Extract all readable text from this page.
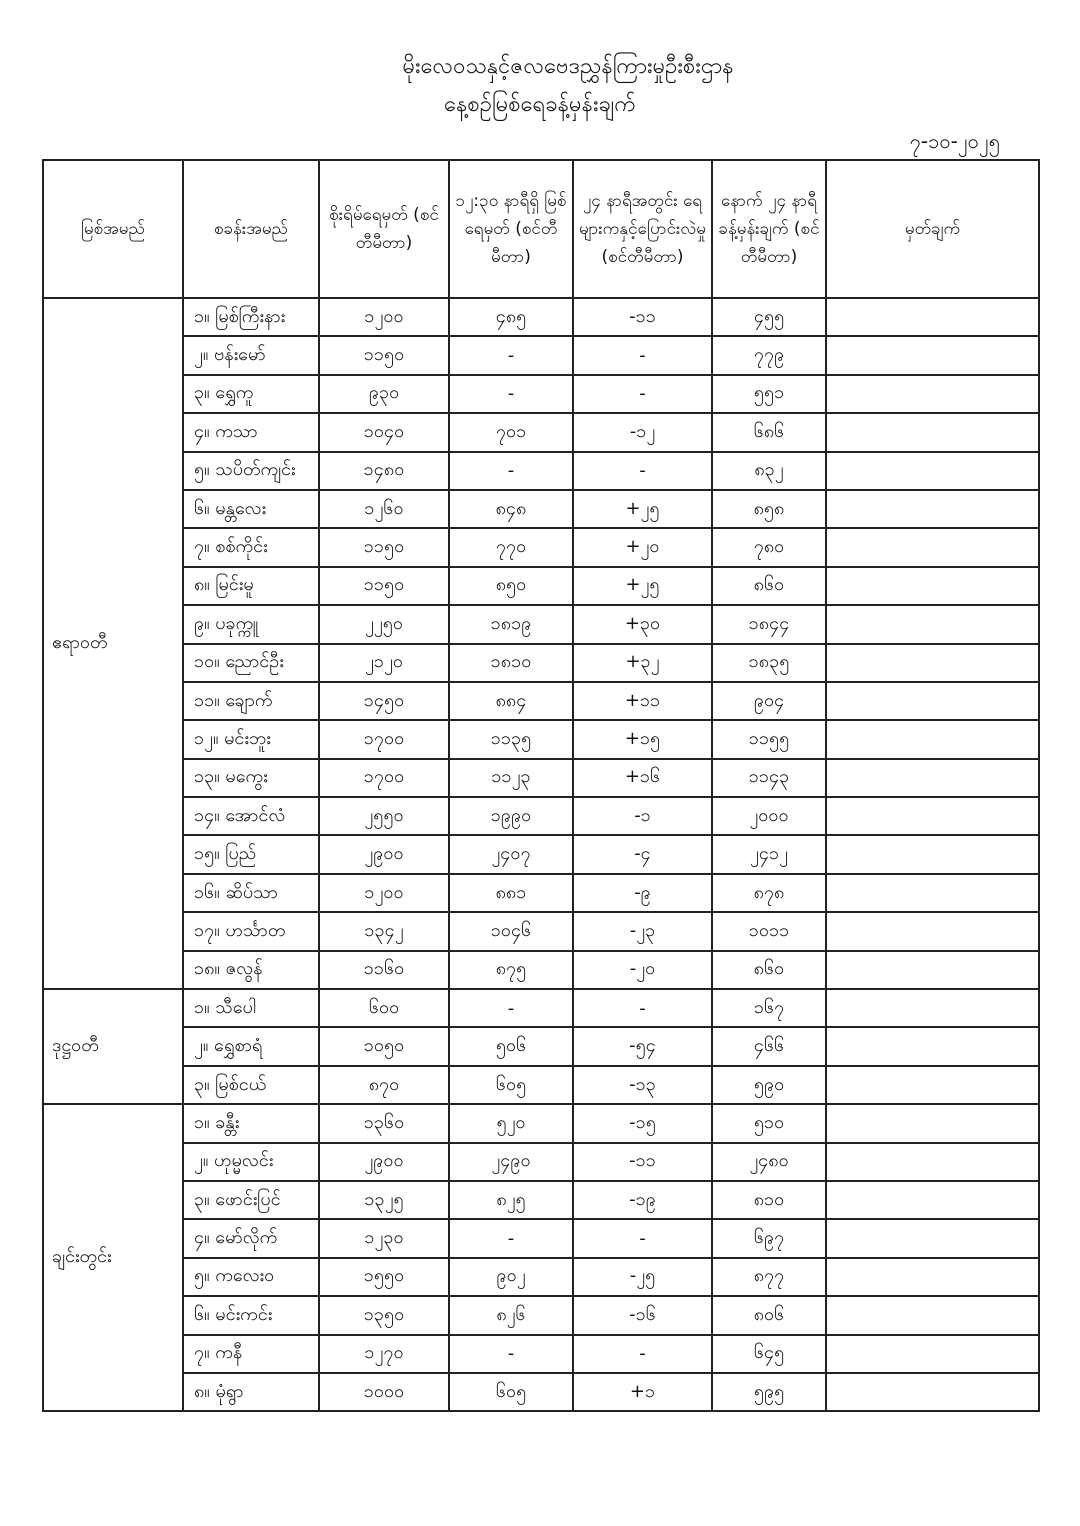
မိုးလေဝသနှင့်ဇလဗေဒညွှန်ကြားမှုဦးစီးဌာန
နေ့စဉ်မြစ်ရေခန့်မှန်းချက်
၇-၁၀-၂၀၂၅
မြစ်အမည်	စခန်းအမည်	စိုးရိမ်ရေမှတ် (စင်တီမီတာ)	၁၂:၃၀ နာရီရှိ မြစ်ရေမှတ် (စင်တီမီတာ)	၂၄ နာရီအတွင်း ရေများကနှင့်ပြောင်းလဲမှု (စင်တီမီတာ)	နောက် ၂၄ နာရီ ခန့်မှန်းချက် (စင်တီမီတာ)	မှတ်ချက်
ဧရာဝတီ	၁။ မြစ်ကြီးနား	၁၂၀၀	၄၈၅	-၁၁	၄၅၅	
	၂။ ဗန်းမော်	၁၁၅၀	-	-	၇၇၉	
	၃။ ရွှေကူ	၉၃၀	-	-	၅၅၁	
	၄။ ကသာ	၁၀၄၀	၇၀၁	-၁၂	၆၈၆	
	၅။ သပိတ်ကျင်း	၁၄၈၀	-	-	၈၃၂	
	၆။ မန္တလေး	၁၂၆၀	၈၄၈	+၂၅	၈၅၈	
	၇။ စစ်ကိုင်း	၁၁၅၀	၇၇၀	+၂၀	၇၈၀	
	၈။ မြင်းမူ	၁၁၅၀	၈၅၀	+၂၅	၈၆၀	
	၉။ ပခုက္ကူ	၂၂၅၀	၁၈၁၉	+၃၀	၁၈၄၄	
	၁၀။ ညောင်ဦး	၂၁၂၀	၁၈၁၀	+၃၂	၁၈၃၅	
	၁၁။ ချောက်	၁၄၅၀	၈၈၄	+၁၁	၉၀၄	
	၁၂။ မင်းဘူး	၁၇၀၀	၁၁၃၅	+၁၅	၁၁၅၅	
	၁၃။ မကွေး	၁၇၀၀	၁၁၂၃	+၁၆	၁၁၄၃	
	၁၄။ အောင်လံ	၂၅၅၀	၁၉၉၀	-၁	၂၀၀၀	
	၁၅။ ပြည်	၂၉၀၀	၂၄၀၇	-၄	၂၄၁၂	
	၁၆။ ဆိပ်သာ	၁၂၀၀	၈၈၁	-၉	၈၇၈	
	၁၇။ ဟင်္သာတ	၁၃၄၂	၁၀၄၆	-၂၃	၁၀၁၁	
	၁၈။ ဇလွန်	၁၁၆၀	၈၇၅	-၂၀	၈၆၀	
ဒုဋ္ဌဝတီ	၁။ သီပေါ	၆၀၀	-	-	၁၆၇	
	၂။ ရွှေစာရံ	၁၀၅၀	၅၀၆	-၅၄	၄၆၆	
	၃။ မြစ်ငယ်	၈၇၀	၆၀၅	-၁၃	၅၉၀	
ချင်းတွင်း	၁။ ခန္တီး	၁၃၆၀	၅၂၀	-၁၅	၅၁၀	
	၂။ ဟုမ္မလင်း	၂၉၀၀	၂၄၉၀	-၁၁	၂၄၈၀	
	၃။ ဖောင်းပြင်	၁၃၂၅	၈၂၅	-၁၉	၈၁၀	
	၄။ မော်လိုက်	၁၂၃၀	-	-	၆၉၇	
	၅။ ကလေးဝ	၁၅၅၀	၉၀၂	-၂၅	၈၇၇	
	၆။ မင်းကင်း	၁၃၅၀	၈၂၆	-၁၆	၈၀၆	
	၇။ ကနီ	၁၂၇၀	-	-	၆၄၅	
	၈။ မုံရွာ	၁၀၀၀	၆၀၅	+၁	၅၉၅	
